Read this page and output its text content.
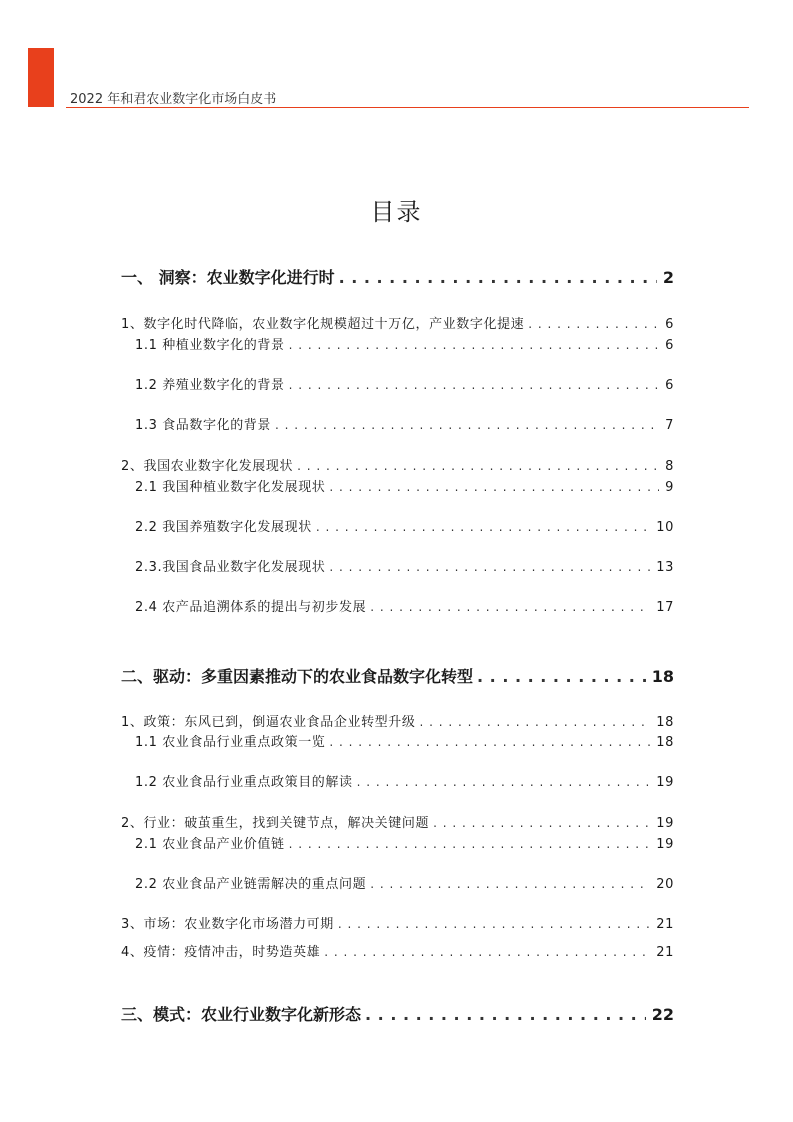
2022 年和君农业数字化市场白皮书
目录
一、 洞察：农业数字化进行时 . . .	2
1、数字化时代降临，农业数字化规模超过十万亿，产业数字化提速 . . .	6
1.1 种植业数字化的背景 . . .	6
1.2 养殖业数字化的背景 . . .	6
1.3 食品数字化的背景 . . .	7
2、我国农业数字化发展现状 . . .	8
2.1 我国种植业数字化发展现状 . . .	9
2.2 我国养殖数字化发展现状 . . .	10
2.3.我国食品业数字化发展现状 . . .	13
2.4 农产品追溯体系的提出与初步发展 . . .	17
二、驱动：多重因素推动下的农业食品数字化转型 . . .	18
1、政策：东风已到，倒逼农业食品企业转型升级 . . .	18
1.1 农业食品行业重点政策一览 . . .	18
1.2 农业食品行业重点政策目的解读 . . .	19
2、行业：破茧重生，找到关键节点，解决关键问题 . . .	19
2.1 农业食品产业价值链 . . .	19
2.2 农业食品产业链需解决的重点问题 . . .	20
3、市场：农业数字化市场潜力可期 . . .	21
4、疫情：疫情冲击，时势造英雄 . . .	21
三、模式：农业行业数字化新形态 . . .	22
